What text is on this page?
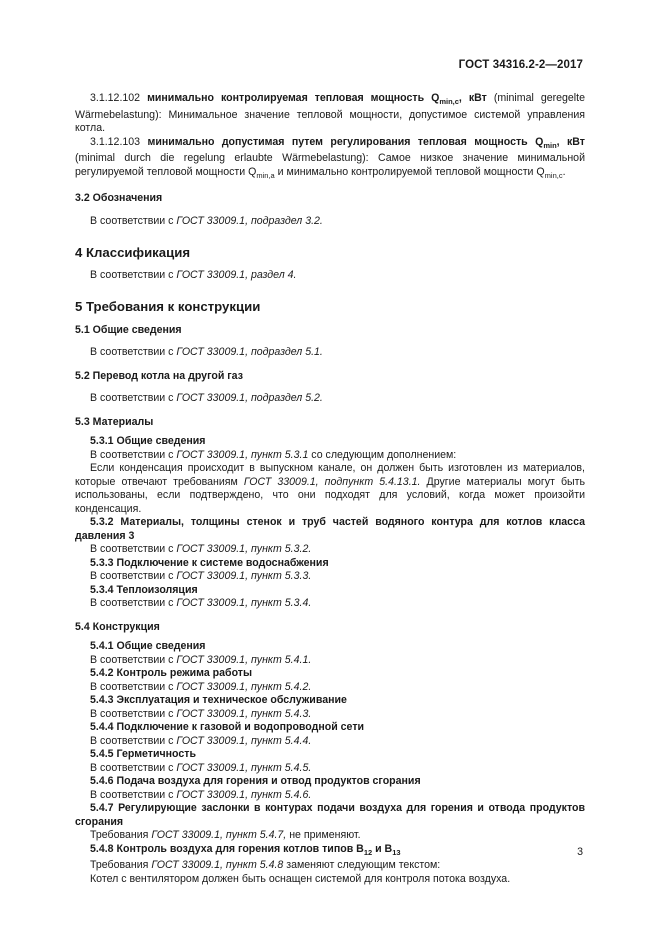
ГОСТ 34316.2-2—2017

3.1.12.102 минимально контролируемая тепловая мощность $Q_{min,c}$, кВт (minimal geregelte Wärmebelastung): Минимальное значение тепловой мощности, допустимое системой управления котла.

3.1.12.103 минимально допустимая путем регулирования тепловая мощность $Q_{min}$, кВт (minimal durch die regelung erlaubte Wärmebelastung): Самое низкое значение минимальной регулируемой тепловой мощности $Q_{min,a}$ и минимально контролируемой тепловой мощности $Q_{min,c}$.

3.2 Обозначения

В соответствии с ГОСТ 33009.1, подраздел 3.2.

4 Классификация

В соответствии с ГОСТ 33009.1, раздел 4.

5 Требования к конструкции
5.1 Общие сведения

В соответствии с ГОСТ 33009.1, подраздел 5.1.

5.2 Перевод котла на другой газ

В соответствии с ГОСТ 33009.1, подраздел 5.2.

5.3 Материалы

5.3.1 Общие сведения

В соответствии с ГОСТ 33009.1, пункт 5.3.1 со следующим дополнением:

Если конденсация происходит в выпускном канале, он должен быть изготовлен из материалов, которые отвечают требованиям ГОСТ 33009.1, подпункт 5.4.13.1. Другие материалы могут быть использованы, если подтверждено, что они подходят для условий, когда может произойти конденсация.

5.3.2 Материалы, толщины стенок и труб частей водяного контура для котлов класса давления 3

В соответствии с ГОСТ 33009.1, пункт 5.3.2.

5.3.3 Подключение к системе водоснабжения

В соответствии с ГОСТ 33009.1, пункт 5.3.3.

5.3.4 Теплоизоляция

В соответствии с ГОСТ 33009.1, пункт 5.3.4.

5.4 Конструкция

5.4.1 Общие сведения

В соответствии с ГОСТ 33009.1, пункт 5.4.1.

5.4.2 Контроль режима работы

В соответствии с ГОСТ 33009.1, пункт 5.4.2.

5.4.3 Эксплуатация и техническое обслуживание

В соответствии с ГОСТ 33009.1, пункт 5.4.3.

5.4.4 Подключение к газовой и водопроводной сети

В соответствии с ГОСТ 33009.1, пункт 5.4.4.

5.4.5 Герметичность

В соответствии с ГОСТ 33009.1, пункт 5.4.5.

5.4.6 Подача воздуха для горения и отвод продуктов сгорания

В соответствии с ГОСТ 33009.1, пункт 5.4.6.

5.4.7 Регулирующие заслонки в контурах подачи воздуха для горения и отвода продуктов сгорания

Требования ГОСТ 33009.1, пункт 5.4.7, не применяют.

5.4.8 Контроль воздуха для горения котлов типов $B_{12}$ и $B_{13}$

Требования ГОСТ 33009.1, пункт 5.4.8 заменяют следующим текстом:

Котел с вентилятором должен быть оснащен системой для контроля потока воздуха.

3
